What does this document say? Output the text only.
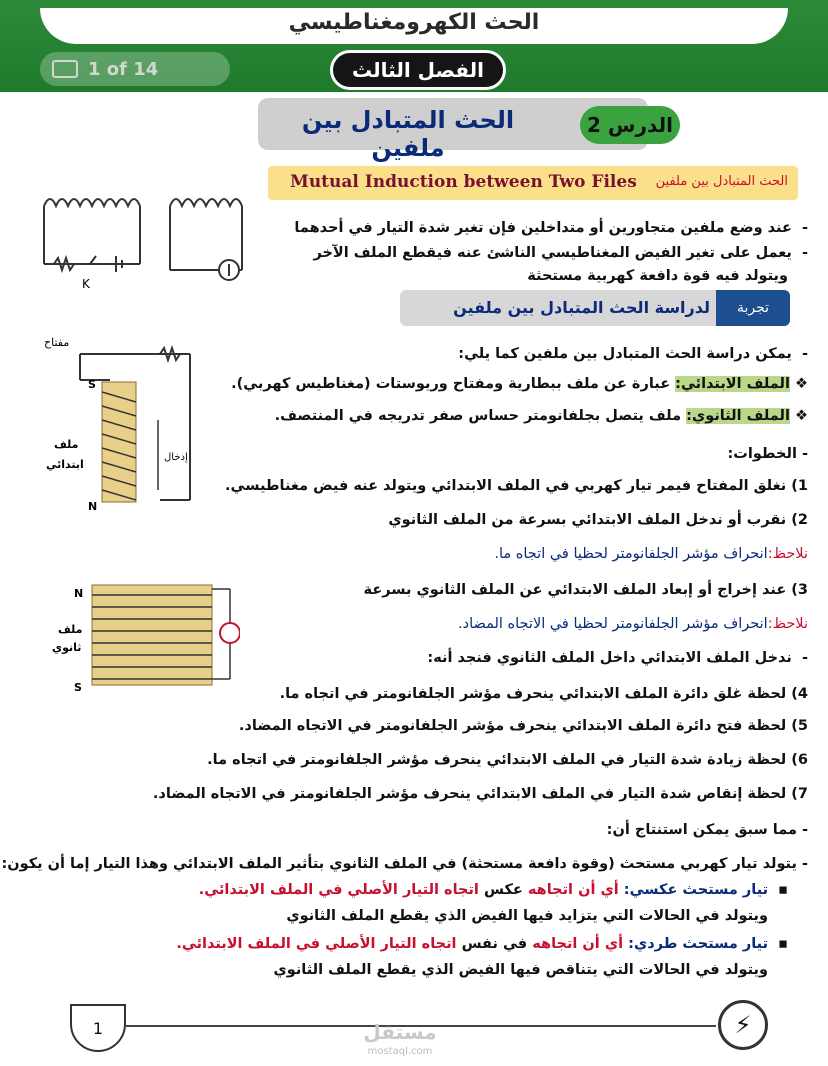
الحث الكهرومغناطيسي
1 of 14	الفصل الثالث
الحث المتبادل بين ملفين
الدرس 2
Mutual Induction between Two Files	الحث المتبادل بين ملفين
-  عند وضع ملفين متجاورين أو متداخلين فإن تغير شدة التيار في أحدهما
-  يعمل على تغير الفيض المغناطيسي الناشئ عنه فيقطع الملف الآخر
ويتولد فيه قوة دافعة كهربية مستحثة
K
تجربة
لدراسة الحث المتبادل بين ملفين
مفتاح
S
N
ملف
ابتدائي
إدخال
-  يمكن دراسة الحث المتبادل بين ملفين كما يلي:
❖ الملف الابتدائي: عبارة عن ملف ببطارية ومفتاح وريوستات (مغناطيس كهربي).
❖ الملف الثانوي: ملف يتصل بجلفانومتر حساس صفر تدريجه في المنتصف.
- الخطوات:
1) نغلق المفتاح فيمر تيار كهربي في الملف الابتدائي ويتولد عنه فيض مغناطيسي.
2) نقرب أو ندخل الملف الابتدائي بسرعة من الملف الثانوي
نلاحظ:انحراف مؤشر الجلفانومتر لحظيا في اتجاه ما.
3) عند إخراج أو إبعاد الملف الابتدائي عن الملف الثانوي بسرعة
نلاحظ:انحراف مؤشر الجلفانومتر لحظيا في الاتجاه المضاد.
-  ندخل الملف الابتدائي داخل الملف الثانوي فنجد أنه:
4) لحظة غلق دائرة الملف الابتدائي ينحرف مؤشر الجلفانومتر في اتجاه ما.
5) لحظة فتح دائرة الملف الابتدائي ينحرف مؤشر الجلفانومتر في الاتجاه المضاد.
6) لحظة زيادة شدة التيار في الملف الابتدائي ينحرف مؤشر الجلفانومتر في اتجاه ما.
7) لحظة إنقاص شدة التيار في الملف الابتدائي ينحرف مؤشر الجلفانومتر في الاتجاه المضاد.
N
S
ملف
ثانوي
- مما سبق يمكن استنتاج أن:
- يتولد تيار كهربي مستحث (وقوة دافعة مستحثة) في الملف الثانوي بتأثير الملف الابتدائي وهذا التيار إما أن يكون:
▪  تيار مستحث عكسي: أي أن اتجاهه عكس اتجاه التيار الأصلي في الملف الابتدائي.
ويتولد في الحالات التي يتزايد فيها الفيض الذي يقطع الملف الثانوي
▪  تيار مستحث طردي: أي أن اتجاهه في نفس اتجاه التيار الأصلي في الملف الابتدائي.
ويتولد في الحالات التي يتناقص فيها الفيض الذي يقطع الملف الثانوي
1	مستقل
mostaql.com
⚡
